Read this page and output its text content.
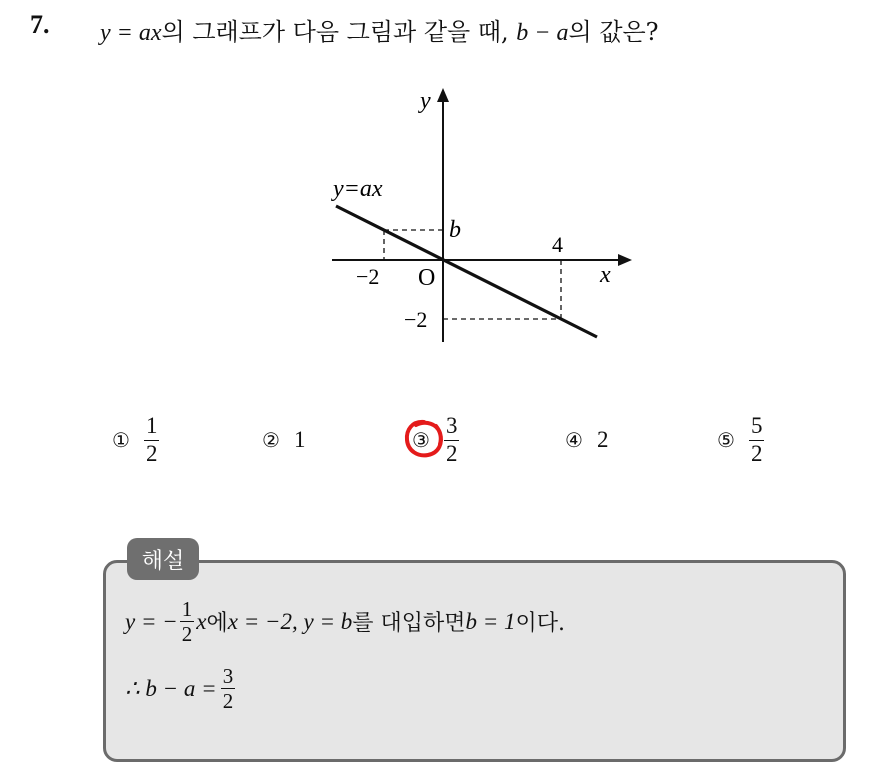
7. y = ax의 그래프가 다음 그림과 같을 때, b − a의 값은?
y
x
y=ax
O
b
4
−2
−2
① $\frac{1}{2}$	② 1	③ $\frac{3}{2}$	④ 2	⑤ $\frac{5}{2}$
해설
y = − $\frac{1}{2}$ x 에 x = −2, y = b 를 대입하면 b = 1 이다.
∴ $b - a = \frac{3}{2}$
